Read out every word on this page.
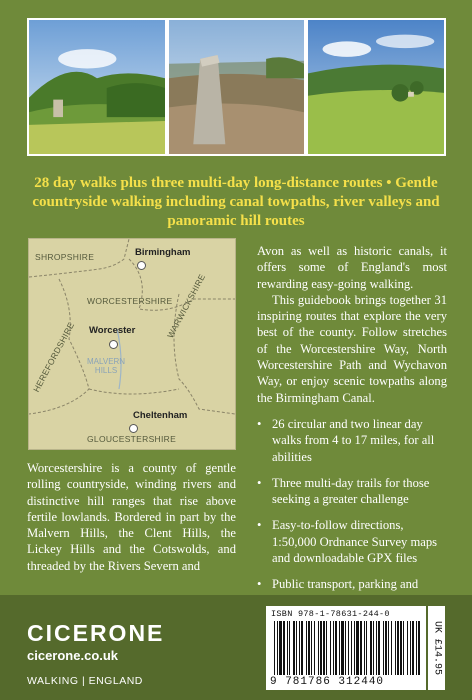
28 day walks plus three multi-day long-distance routes • Gentle countryside walking including canal towpaths, river valleys and panoramic hill routes

SHROPSHIRE
WORCESTERSHIRE
WARWICKSHIRE
HEREFORDSHIRE
GLOUCESTERSHIRE
Birmingham
Worcester
Cheltenham
MALVERN
HILLS

Worcestershire is a county of gentle rolling countryside, winding rivers and distinctive hill ranges that rise above fertile lowlands. Bordered in part by the Malvern Hills, the Clent Hills, the Lickey Hills and the Cotswolds, and threaded by the Rivers Severn and

Avon as well as historic canals, it offers some of England's most rewarding easy-going walking.

This guidebook brings together 31 inspiring routes that explore the very best of the county. Follow stretches of the Worcestershire Way, North Worcestershire Path and Wychavon Way, or enjoy scenic towpaths along the Birmingham Canal.

• 26 circular and two linear day walks from 4 to 17 miles, for all abilities
• Three multi-day trails for those seeking a greater challenge
• Easy-to-follow directions, 1:50,000 Ordnance Survey maps and downloadable GPX files
• Public transport, parking and
CICERONE
cicerone.co.uk
WALKING | ENGLAND
ISBN 978-1-78631-244-0
9 781786 312440
UK £14.95
